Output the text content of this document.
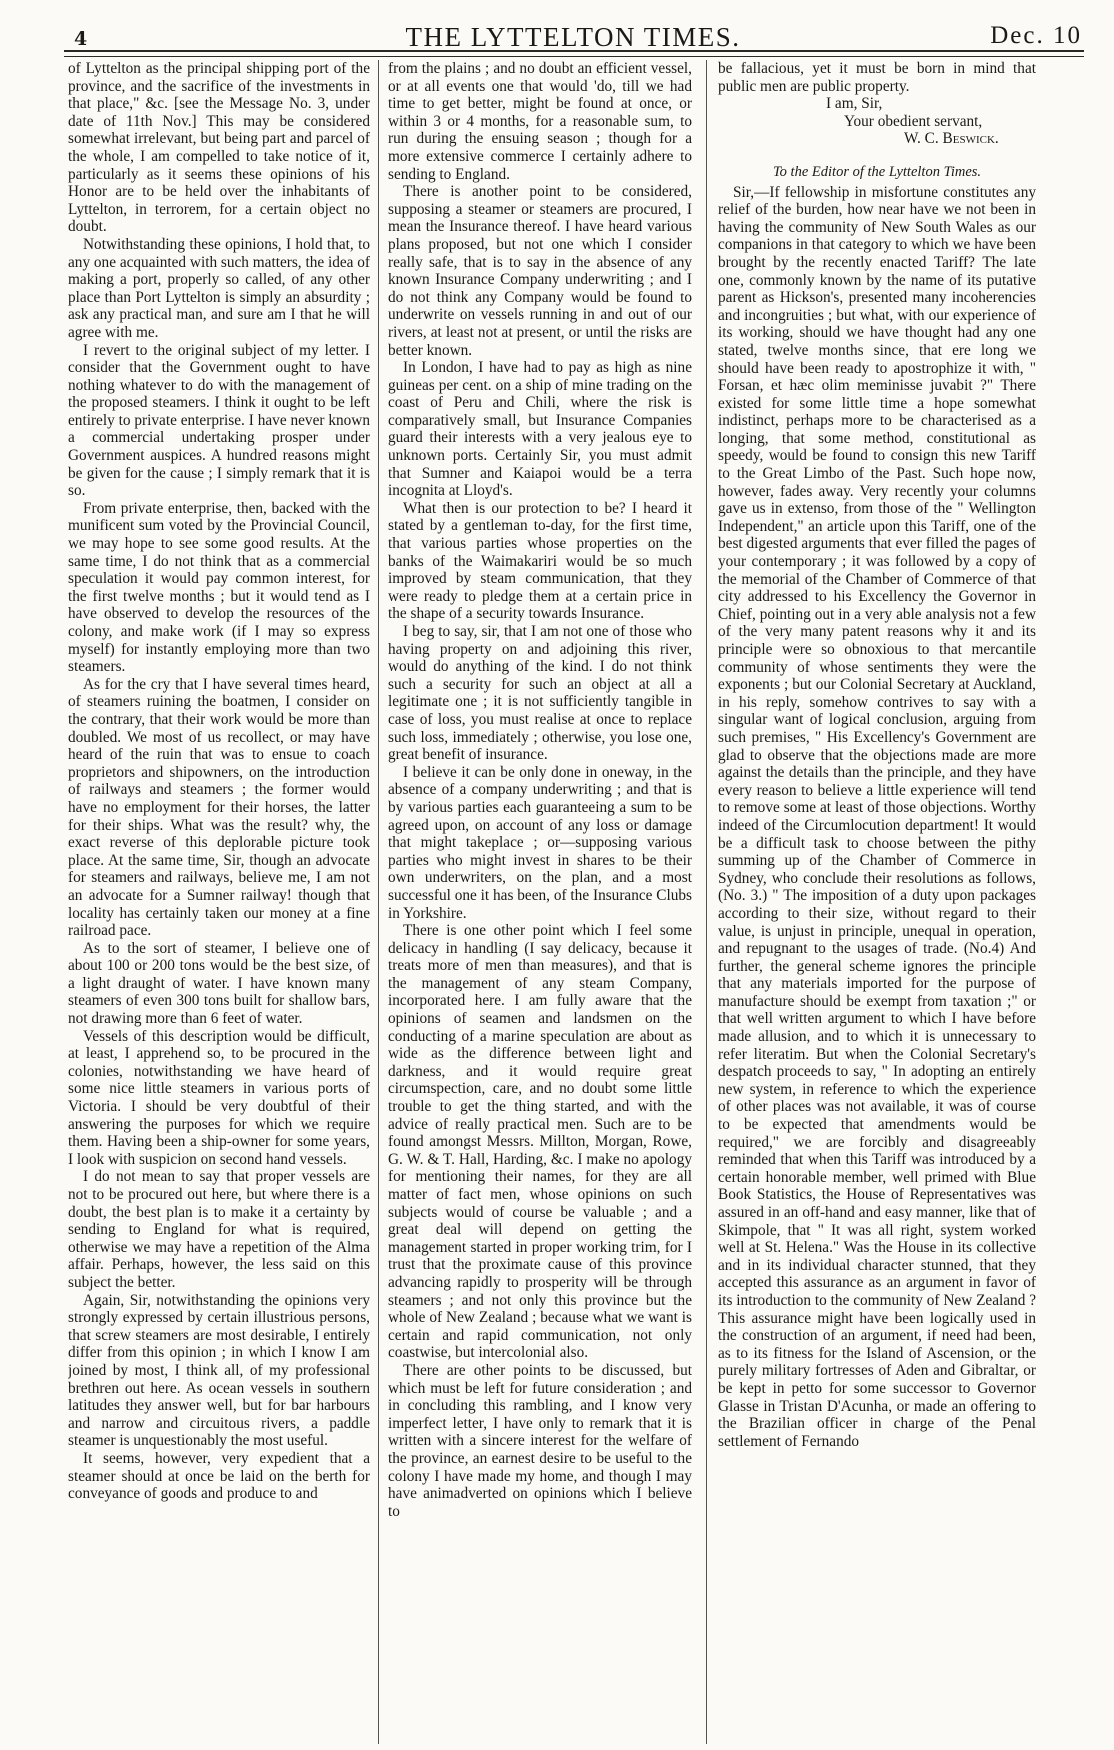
4	THE LYTTELTON TIMES.	Dec. 10

of Lyttelton as the principal shipping port of the province, and the sacrifice of the investments in that place," &c. [see the Message No. 3, under date of 11th Nov.] This may be considered somewhat irrelevant, but being part and parcel of the whole, I am compelled to take notice of it, particularly as it seems these opinions of his Honor are to be held over the inhabitants of Lyttelton, in terrorem, for a certain object no doubt.

Notwithstanding these opinions, I hold that, to any one acquainted with such matters, the idea of making a port, properly so called, of any other place than Port Lyttelton is simply an absurdity ; ask any practical man, and sure am I that he will agree with me.

I revert to the original subject of my letter. I consider that the Government ought to have nothing whatever to do with the management of the proposed steamers. I think it ought to be left entirely to private enterprise. I have never known a commercial undertaking prosper under Government auspices. A hundred reasons might be given for the cause ; I simply remark that it is so.

From private enterprise, then, backed with the munificent sum voted by the Provincial Council, we may hope to see some good results. At the same time, I do not think that as a commercial speculation it would pay common interest, for the first twelve months ; but it would tend as I have observed to develop the resources of the colony, and make work (if I may so express myself) for instantly employing more than two steamers.

As for the cry that I have several times heard, of steamers ruining the boatmen, I consider on the contrary, that their work would be more than doubled. We most of us recollect, or may have heard of the ruin that was to ensue to coach proprietors and shipowners, on the introduction of railways and steamers ; the former would have no employment for their horses, the latter for their ships. What was the result? why, the exact reverse of this deplorable picture took place. At the same time, Sir, though an advocate for steamers and railways, believe me, I am not an advocate for a Sumner railway! though that locality has certainly taken our money at a fine railroad pace.

As to the sort of steamer, I believe one of about 100 or 200 tons would be the best size, of a light draught of water. I have known many steamers of even 300 tons built for shallow bars, not drawing more than 6 feet of water.

Vessels of this description would be difficult, at least, I apprehend so, to be procured in the colonies, notwithstanding we have heard of some nice little steamers in various ports of Victoria. I should be very doubtful of their answering the purposes for which we require them. Having been a ship-owner for some years, I look with suspicion on second hand vessels.

I do not mean to say that proper vessels are not to be procured out here, but where there is a doubt, the best plan is to make it a certainty by sending to England for what is required, otherwise we may have a repetition of the Alma affair. Perhaps, however, the less said on this subject the better.

Again, Sir, notwithstanding the opinions very strongly expressed by certain illustrious persons, that screw steamers are most desirable, I entirely differ from this opinion ; in which I know I am joined by most, I think all, of my professional brethren out here. As ocean vessels in southern latitudes they answer well, but for bar harbours and narrow and circuitous rivers, a paddle steamer is unquestionably the most useful.

It seems, however, very expedient that a steamer should at once be laid on the berth for conveyance of goods and produce to and

from the plains ; and no doubt an efficient vessel, or at all events one that would 'do, till we had time to get better, might be found at once, or within 3 or 4 months, for a reasonable sum, to run during the ensuing season ; though for a more extensive commerce I certainly adhere to sending to England.

There is another point to be considered, supposing a steamer or steamers are procured, I mean the Insurance thereof. I have heard various plans proposed, but not one which I consider really safe, that is to say in the absence of any known Insurance Company underwriting ; and I do not think any Company would be found to underwrite on vessels running in and out of our rivers, at least not at present, or until the risks are better known.

In London, I have had to pay as high as nine guineas per cent. on a ship of mine trading on the coast of Peru and Chili, where the risk is comparatively small, but Insurance Companies guard their interests with a very jealous eye to unknown ports. Certainly Sir, you must admit that Sumner and Kaiapoi would be a terra incognita at Lloyd's.

What then is our protection to be? I heard it stated by a gentleman to-day, for the first time, that various parties whose properties on the banks of the Waimakariri would be so much improved by steam communication, that they were ready to pledge them at a certain price in the shape of a security towards Insurance.

I beg to say, sir, that I am not one of those who having property on and adjoining this river, would do anything of the kind. I do not think such a security for such an object at all a legitimate one ; it is not sufficiently tangible in case of loss, you must realise at once to replace such loss, immediately ; otherwise, you lose one, great benefit of insurance.

I believe it can be only done in oneway, in the absence of a company underwriting ; and that is by various parties each guaranteeing a sum to be agreed upon, on account of any loss or damage that might takeplace ; or—supposing various parties who might invest in shares to be their own underwriters, on the plan, and a most successful one it has been, of the Insurance Clubs in Yorkshire.

There is one other point which I feel some delicacy in handling (I say delicacy, because it treats more of men than measures), and that is the management of any steam Company, incorporated here. I am fully aware that the opinions of seamen and landsmen on the conducting of a marine speculation are about as wide as the difference between light and darkness, and it would require great circumspection, care, and no doubt some little trouble to get the thing started, and with the advice of really practical men. Such are to be found amongst Messrs. Millton, Morgan, Rowe, G. W. & T. Hall, Harding, &c. I make no apology for mentioning their names, for they are all matter of fact men, whose opinions on such subjects would of course be valuable ; and a great deal will depend on getting the management started in proper working trim, for I trust that the proximate cause of this province advancing rapidly to prosperity will be through steamers ; and not only this province but the whole of New Zealand ; because what we want is certain and rapid communication, not only coastwise, but intercolonial also.

There are other points to be discussed, but which must be left for future consideration ; and in concluding this rambling, and I know very imperfect letter, I have only to remark that it is written with a sincere interest for the welfare of the province, an earnest desire to be useful to the colony I have made my home, and though I may have animadverted on opinions which I believe to

be fallacious, yet it must be born in mind that public men are public property.

I am, Sir,
Your obedient servant,
W. C. Beswick.
To the Editor of the Lyttelton Times.

Sir,—If fellowship in misfortune constitutes any relief of the burden, how near have we not been in having the community of New South Wales as our companions in that category to which we have been brought by the recently enacted Tariff? The late one, commonly known by the name of its putative parent as Hickson's, presented many incoherencies and incongruities ; but what, with our experience of its working, should we have thought had any one stated, twelve months since, that ere long we should have been ready to apostrophize it with, " Forsan, et hæc olim meminisse juvabit ?" There existed for some little time a hope somewhat indistinct, perhaps more to be characterised as a longing, that some method, constitutional as speedy, would be found to consign this new Tariff to the Great Limbo of the Past. Such hope now, however, fades away. Very recently your columns gave us in extenso, from those of the " Wellington Independent," an article upon this Tariff, one of the best digested arguments that ever filled the pages of your contemporary ; it was followed by a copy of the memorial of the Chamber of Commerce of that city addressed to his Excellency the Governor in Chief, pointing out in a very able analysis not a few of the very many patent reasons why it and its principle were so obnoxious to that mercantile community of whose sentiments they were the exponents ; but our Colonial Secretary at Auckland, in his reply, somehow contrives to say with a singular want of logical conclusion, arguing from such premises, " His Excellency's Government are glad to observe that the objections made are more against the details than the principle, and they have every reason to believe a little experience will tend to remove some at least of those objections. Worthy indeed of the Circumlocution department! It would be a difficult task to choose between the pithy summing up of the Chamber of Commerce in Sydney, who conclude their resolutions as follows, (No. 3.) " The imposition of a duty upon packages according to their size, without regard to their value, is unjust in principle, unequal in operation, and repugnant to the usages of trade. (No.4) And further, the general scheme ignores the principle that any materials imported for the purpose of manufacture should be exempt from taxation ;" or that well written argument to which I have before made allusion, and to which it is unnecessary to refer literatim. But when the Colonial Secretary's despatch proceeds to say, " In adopting an entirely new system, in reference to which the experience of other places was not available, it was of course to be expected that amendments would be required," we are forcibly and disagreeably reminded that when this Tariff was introduced by a certain honorable member, well primed with Blue Book Statistics, the House of Representatives was assured in an off-hand and easy manner, like that of Skimpole, that " It was all right, system worked well at St. Helena." Was the House in its collective and in its individual character stunned, that they accepted this assurance as an argument in favor of its introduction to the community of New Zealand ? This assurance might have been logically used in the construction of an argument, if need had been, as to its fitness for the Island of Ascension, or the purely military fortresses of Aden and Gibraltar, or be kept in petto for some successor to Governor Glasse in Tristan D'Acunha, or made an offering to the Brazilian officer in charge of the Penal settlement of Fernando
